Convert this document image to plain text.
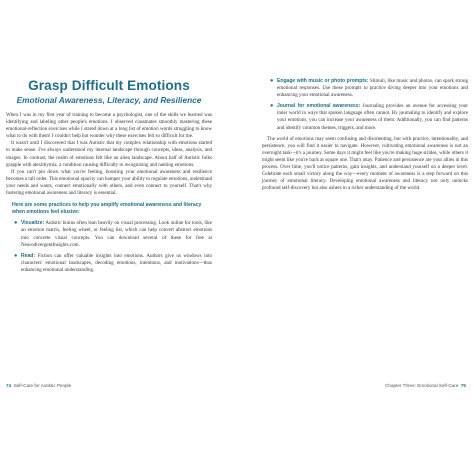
Grasp Difficult Emotions
Emotional Awareness, Literacy, and Resilience

When I was in my first year of training to become a psychologist, one of the skills we learned was identifying and labeling other people's emotions. I observed classmates smoothly mastering these emotional-reflection exercises while I stared down at a long list of emotion words struggling to know what to do with them! I couldn't help but wonder why these exercises felt so difficult for me.

It wasn't until I discovered that I was Autistic that my complex relationship with emotions started to make sense. I've always understood my internal landscape through concepts, ideas, analysis, and images. In contrast, the realm of emotions felt like an alien landscape. About half of Autistic folks grapple with alexithymia, a condition causing difficulty in recognizing and naming emotions.

If you can't pin down what you're feeling, boosting your emotional awareness and resilience becomes a tall order. This emotional opacity can hamper your ability to regulate emotions, understand your needs and wants, connect emotionally with others, and even connect to yourself. That's why fostering emotional awareness and literacy is essential.

Here are some practices to help you amplify emotional awareness and literacy when emotions feel elusive:
● Visualize: Autistic brains often lean heavily on visual processing. Look online for tools, like an emotion matrix, feeling wheel, or feeling list, which can help convert abstract emotions into concrete visual concepts. You can download several of these for free at NeurodivergentInsights.com.

● Read: Fiction can offer valuable insights into emotions. Authors give us windows into characters' emotional landscapes, decoding emotions, intentions, and motivations—thus enhancing emotional understanding.

● Engage with music or photo prompts: Stimuli, like music and photos, can spark strong emotional responses. Use these prompts to practice diving deeper into your emotions and enhancing your emotional awareness.

● Journal for emotional awareness: Journaling provides an avenue for accessing your inner world in ways that spoken language often cannot. By journaling to identify and explore your emotions, you can increase your awareness of them. Additionally, you can find patterns and identify common themes, triggers, and more.

The world of emotions may seem confusing and disorienting, but with practice, intentionality, and persistence, you will find it easier to navigate. However, cultivating emotional awareness is not an overnight task—it's a journey. Some days it might feel like you're making huge strides, while others it might seem like you're back at square one. That's okay. Patience and persistence are your allies in this process. Over time, you'll notice patterns, gain insights, and understand yourself on a deeper level. Celebrate each small victory along the way—every moment of awareness is a step forward on this journey of emotional literacy. Developing emotional awareness and literacy not only unlocks profound self-discovery but also ushers in a richer understanding of the world.

74 Self-Care for Autistic People	Chapter Three: Emotional Self-Care 75
